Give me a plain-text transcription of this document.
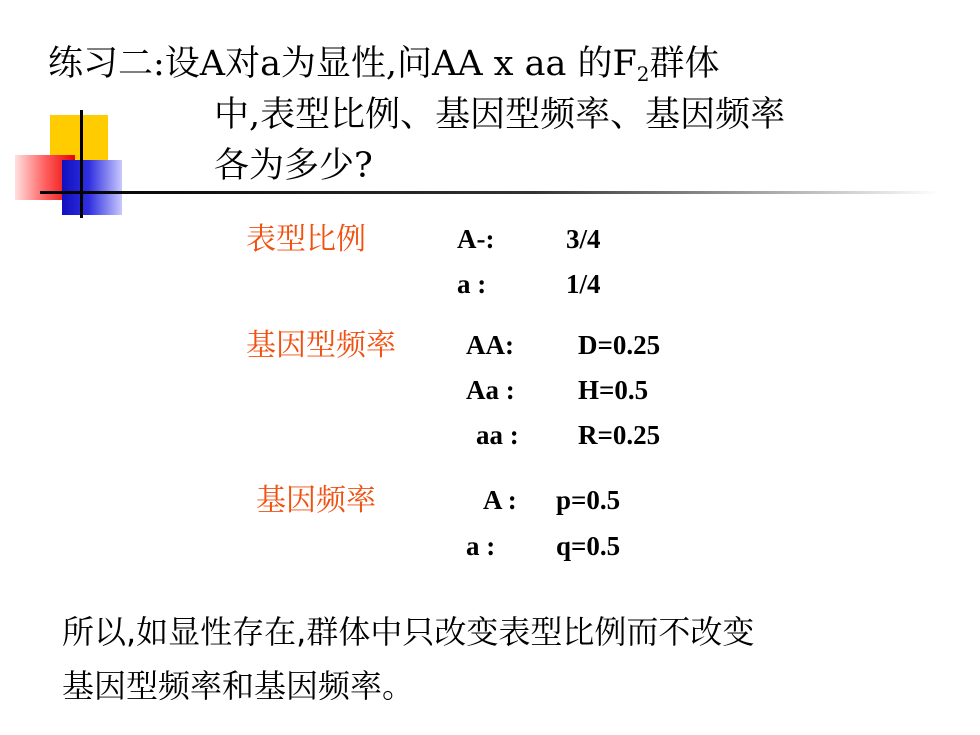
练习二:设A对a为显性,问AA x aa 的$F_2$群体
中,表型比例、基因型频率、基因频率
各为多少?
表型比例	A-:	3/4
a :	1/4
基因型频率	AA: D=0.25
Aa : H=0.5
aa : R=0.25
基因频率	A : p=0.5
a : q=0.5
所以,如显性存在,群体中只改变表型比例而不改变
基因型频率和基因频率。
